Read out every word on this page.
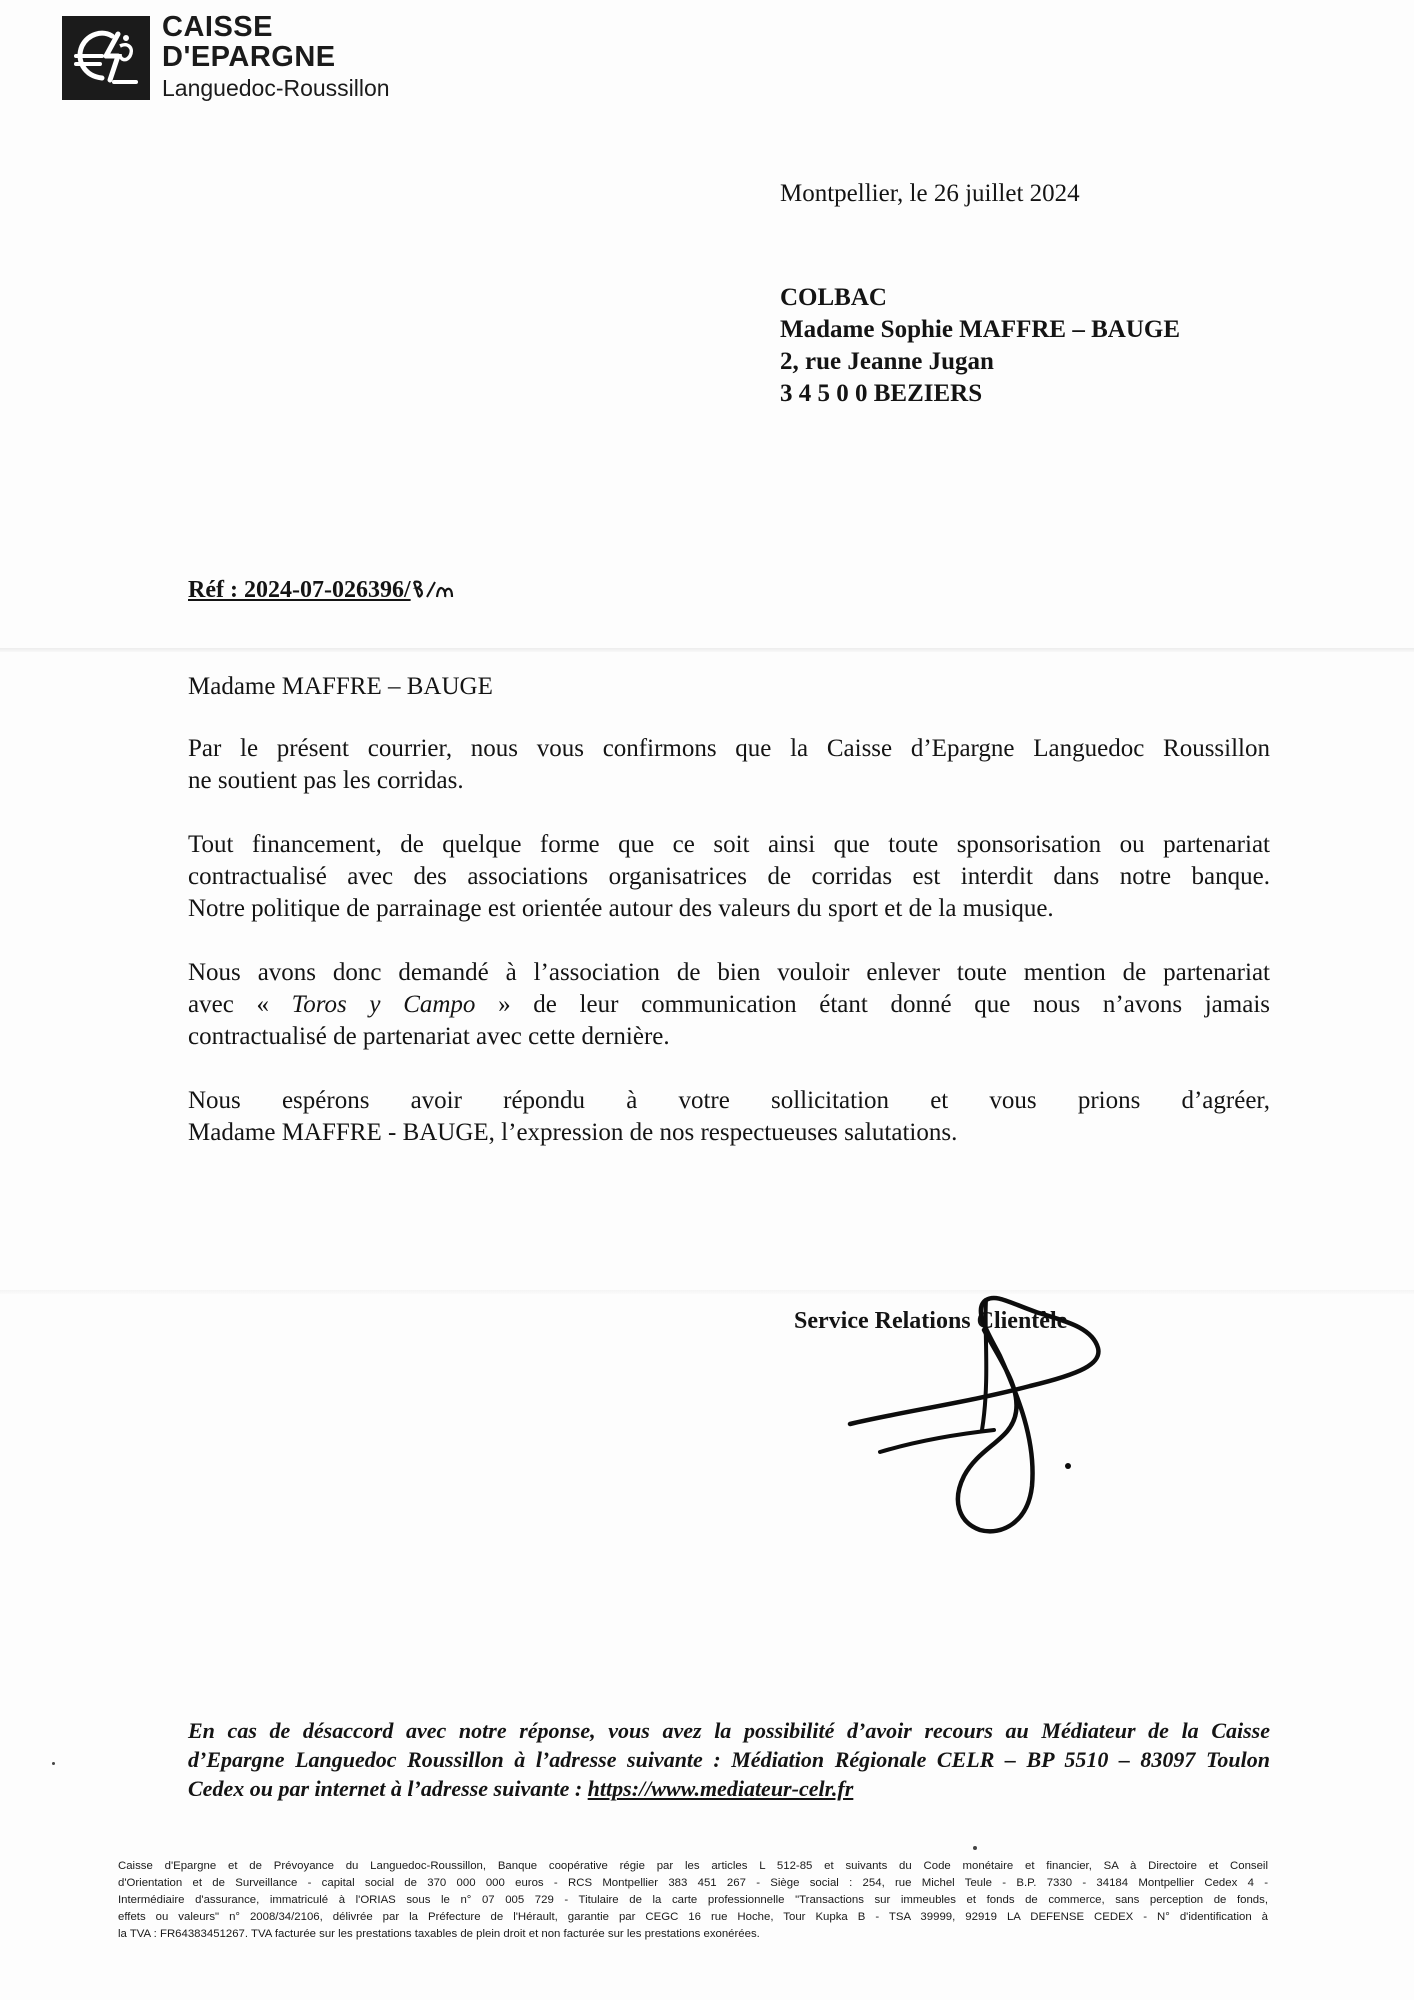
CAISSE
D'EPARGNE
Languedoc-Roussillon
Montpellier, le 26 juillet 2024
COLBAC
Madame Sophie MAFFRE – BAUGE
2, rue Jeanne Jugan
3 4 5 0 0 BEZIERS
Réf : 2024-07-026396/
Madame MAFFRE – BAUGE
Par le présent courrier, nous vous confirmons que la Caisse d’Epargne Languedoc Roussillon
ne soutient pas les corridas.
Tout financement, de quelque forme que ce soit ainsi que toute sponsorisation ou partenariat
contractualisé avec des associations organisatrices de corridas est interdit dans notre banque.
Notre politique de parrainage est orientée autour des valeurs du sport et de la musique.
Nous avons donc demandé à l’association de bien vouloir enlever toute mention de partenariat
avec « Toros y Campo » de leur communication étant donné que nous n’avons jamais
contractualisé de partenariat avec cette dernière.
Nous espérons avoir répondu à votre sollicitation et vous prions d’agréer,
Madame MAFFRE - BAUGE, l’expression de nos respectueuses salutations.
Service Relations Clientèle
En cas de désaccord avec notre réponse, vous avez la possibilité d’avoir recours au Médiateur de la Caisse
d’Epargne Languedoc Roussillon à l’adresse suivante : Médiation Régionale CELR – BP 5510 – 83097 Toulon
Cedex ou par internet à l’adresse suivante : https://www.mediateur-celr.fr
Caisse d'Epargne et de Prévoyance du Languedoc-Roussillon, Banque coopérative régie par les articles L 512-85 et suivants du Code monétaire et financier, SA à Directoire et Conseil
d'Orientation et de Surveillance - capital social de 370 000 000 euros - RCS Montpellier 383 451 267 - Siège social : 254, rue Michel Teule - B.P. 7330 - 34184 Montpellier Cedex 4 -
Intermédiaire d'assurance, immatriculé à l'ORIAS sous le n° 07 005 729 - Titulaire de la carte professionnelle "Transactions sur immeubles et fonds de commerce, sans perception de fonds,
effets ou valeurs" n° 2008/34/2106, délivrée par la Préfecture de l'Hérault, garantie par CEGC 16 rue Hoche, Tour Kupka B - TSA 39999, 92919 LA DEFENSE CEDEX - N° d'identification à
la TVA : FR64383451267. TVA facturée sur les prestations taxables de plein droit et non facturée sur les prestations exonérées.
